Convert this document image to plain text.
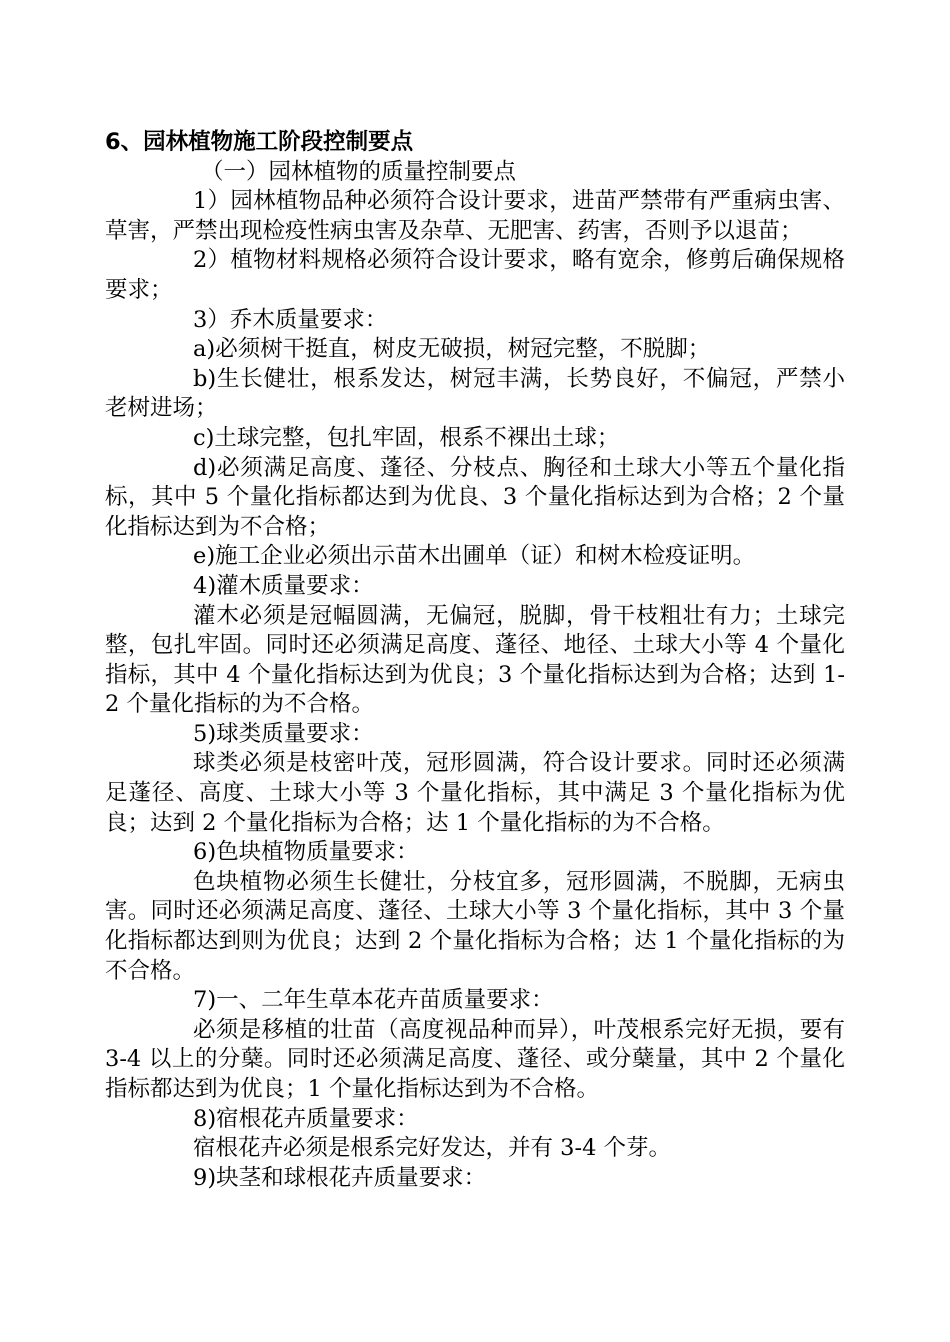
6、园林植物施工阶段控制要点

（一）园林植物的质量控制要点

1）园林植物品种必须符合设计要求，进苗严禁带有严重病虫害、草害，严禁出现检疫性病虫害及杂草、无肥害、药害，否则予以退苗；

2）植物材料规格必须符合设计要求，略有宽余，修剪后确保规格要求；

3）乔木质量要求：

a)必须树干挺直，树皮无破损，树冠完整，不脱脚；

b)生长健壮，根系发达，树冠丰满，长势良好，不偏冠，严禁小老树进场；

c)土球完整，包扎牢固，根系不裸出土球；

d)必须满足高度、蓬径、分枝点、胸径和土球大小等五个量化指标，其中 5 个量化指标都达到为优良、3 个量化指标达到为合格；2 个量化指标达到为不合格；

e)施工企业必须出示苗木出圃单（证）和树木检疫证明。

4)灌木质量要求：

灌木必须是冠幅圆满，无偏冠，脱脚，骨干枝粗壮有力；土球完整，包扎牢固。同时还必须满足高度、蓬径、地径、土球大小等 4 个量化指标，其中 4 个量化指标达到为优良；3 个量化指标达到为合格；达到 1-2 个量化指标的为不合格。

5)球类质量要求：

球类必须是枝密叶茂，冠形圆满，符合设计要求。同时还必须满足蓬径、高度、土球大小等 3 个量化指标，其中满足 3 个量化指标为优良；达到 2 个量化指标为合格；达 1 个量化指标的为不合格。

6)色块植物质量要求：

色块植物必须生长健壮，分枝宜多，冠形圆满，不脱脚，无病虫害。同时还必须满足高度、蓬径、土球大小等 3 个量化指标，其中 3 个量化指标都达到则为优良；达到 2 个量化指标为合格；达 1 个量化指标的为不合格。

7)一、二年生草本花卉苗质量要求：

必须是移植的壮苗（高度视品种而异），叶茂根系完好无损，要有 3-4 以上的分蘖。同时还必须满足高度、蓬径、或分蘖量，其中 2 个量化指标都达到为优良；1 个量化指标达到为不合格。

8)宿根花卉质量要求：

宿根花卉必须是根系完好发达，并有 3-4 个芽。

9)块茎和球根花卉质量要求：
